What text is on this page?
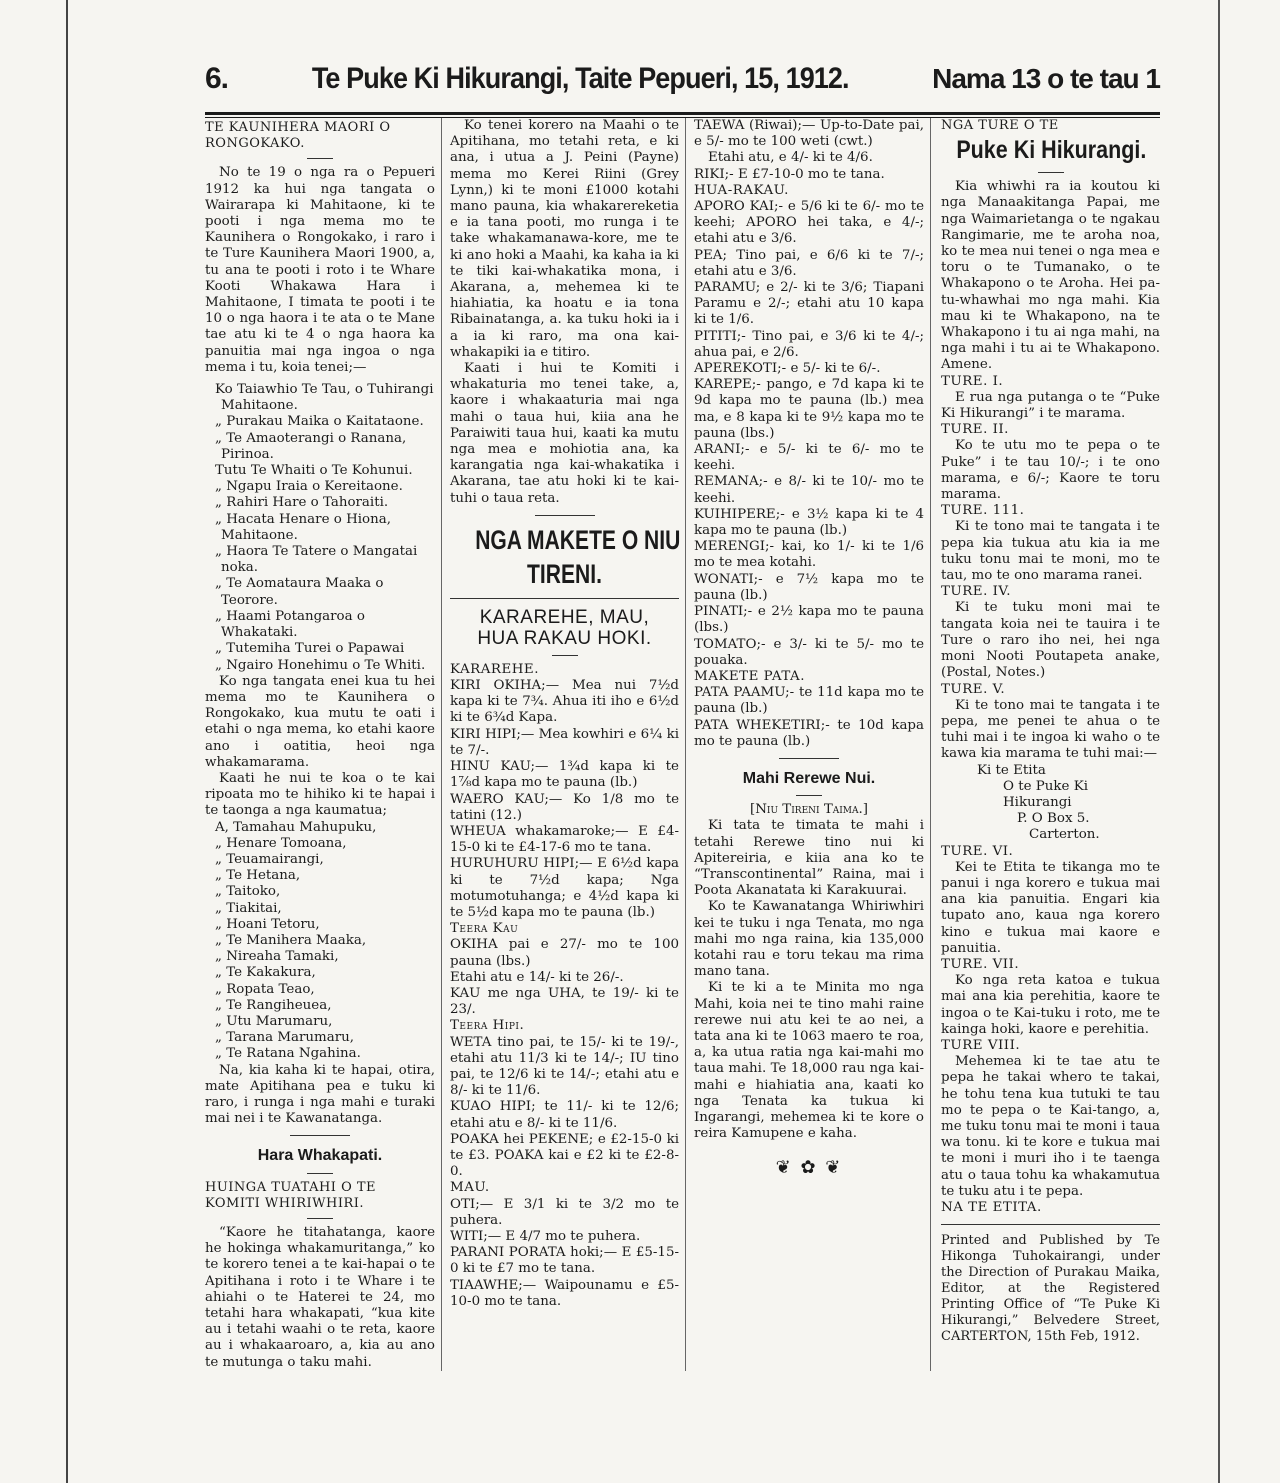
6.	Te Puke Ki Hikurangi, Taite Pepueri, 15, 1912.	Nama 13 o te tau 1

TE KAUNIHERA MAORI O

RONGOKAKO.

No te 19 o nga ra o Pepueri 1912 ka hui nga tangata o Wairarapa ki Mahitaone, ki te pooti i nga mema mo te Kaunihera o Rongokako, i raro i te Ture Kaunihera Maori 1900, a, tu ana te pooti i roto i te Whare Kooti Whakawa Hara i Mahitaone, I timata te pooti i te 10 o nga haora i te ata o te Mane tae atu ki te 4 o nga haora ka panuitia mai nga ingoa o nga mema i tu, koia tenei;—

Ko Taiawhio Te Tau, o Tuhirangi Mahitaone.
„ Purakau Maika o Kaitataone.
„ Te Amaoterangi o Ranana, Pirinoa.
Tutu Te Whaiti o Te Kohunui.
„ Ngapu Iraia o Kereitaone.
„ Rahiri Hare o Tahoraiti.
„ Hacata Henare o Hiona, Mahitaone.
„ Haora Te Tatere o Mangatai noka.
„ Te Aomataura Maaka o Teorore.
„ Haami Potangaroa o Whakataki.
„ Tutemiha Turei o Papawai
„ Ngairo Honehimu o Te Whiti.

Ko nga tangata enei kua tu hei mema mo te Kaunihera o Rongokako, kua mutu te oati i etahi o nga mema, ko etahi kaore ano i oatitia, heoi nga whakamarama.

Kaati he nui te koa o te kai ripoata mo te hihiko ki te hapai i te taonga a nga kaumatua;

A, Tamahau Mahupuku,
„ Henare Tomoana,
„ Teuamairangi,
„ Te Hetana,
„ Taitoko,
„ Tiakitai,
„ Hoani Tetoru,
„ Te Manihera Maaka,
„ Nireaha Tamaki,
„ Te Kakakura,
„ Ropata Teao,
„ Te Rangiheuea,
„ Utu Marumaru,
„ Tarana Marumaru,
„ Te Ratana Ngahina.

Na, kia kaha ki te hapai, otira, mate Apitihana pea e tuku ki raro, i runga i nga mahi e turaki mai nei i te Kawanatanga.

Hara Whakapati.

HUINGA TUATAHI O TE

KOMITI WHIRIWHIRI.

“Kaore he titahatanga, kaore he hokinga whakamuritanga,” ko te korero tenei a te kai-hapai o te Apitihana i roto i te Whare i te ahiahi o te Haterei te 24, mo tetahi hara whakapati, “kua kite au i tetahi waahi o te reta, kaore au i whakaaroaro, a, kia au ano te mutunga o taku mahi.

Ko tenei korero na Maahi o te Apitihana, mo tetahi reta, e ki ana, i utua a J. Peini (Payne) mema mo Kerei Riini (Grey Lynn,) ki te moni £1000 kotahi mano pauna, kia whakarereketia e ia tana pooti, mo runga i te take whakamanawa-kore, me te ki ano hoki a Maahi, ka kaha ia ki te tiki kai-whakatika mona, i Akarana, a, mehemea ki te hiahiatia, ka hoatu e ia tona Ribainatanga, a. ka tuku hoki ia i a ia ki raro, ma ona kai-whakapiki ia e titiro.

Kaati i hui te Komiti i whakaturia mo tenei take, a, kaore i whakaaturia mai nga mahi o taua hui, kiia ana he Paraiwiti taua hui, kaati ka mutu nga mea e mohiotia ana, ka karangatia nga kai-whakatika i Akarana, tae atu hoki ki te kai-tuhi o taua reta.

NGA MAKETE O NIU
TIRENI.
KARAREHE, MAU,
HUA RAKAU HOKI.

KARAREHE.

KIRI OKIHA;— Mea nui 7½d kapa ki te 7¾. Ahua iti iho e 6½d ki te 6¾d Kapa.

KIRI HIPI;— Mea kowhiri e 6¼ ki te 7/-.

HINU KAU;— 1¾d kapa ki te 1⅞d kapa mo te pauna (lb.)

WAERO KAU;— Ko 1/8 mo te tatini (12.)

WHEUA whakamaroke;— E £4-15-0 ki te £4-17-6 mo te tana.

HURUHURU HIPI;— E 6½d kapa ki te 7½d kapa; Nga motumotuhanga; e 4½d kapa ki te 5½d kapa mo te pauna (lb.)

Teera Kau

OKIHA pai e 27/- mo te 100 pauna (lbs.)

Etahi atu e 14/- ki te 26/-.

KAU me nga UHA, te 19/- ki te 23/.

Teera Hipi.

WETA tino pai, te 15/- ki te 19/-, etahi atu 11/3 ki te 14/-; IU tino pai, te 12/6 ki te 14/-; etahi atu e 8/- ki te 11/6.

KUAO HIPI; te 11/- ki te 12/6; etahi atu e 8/- ki te 11/6.

POAKA hei PEKENE; e £2-15-0 ki te £3. POAKA kai e £2 ki te £2-8-0.

MAU.

OTI;— E 3/1 ki te 3/2 mo te puhera.

WITI;— E 4/7 mo te puhera.

PARANI PORATA hoki;— E £5-15-0 ki te £7 mo te tana.

TIAAWHE;— Waipounamu e £5-10-0 mo te tana.

TAEWA (Riwai);— Up-to-Date pai, e 5/- mo te 100 weti (cwt.)

Etahi atu, e 4/- ki te 4/6.

RIKI;- E £7-10-0 mo te tana.

HUA-RAKAU.

APORO KAI;- e 5/6 ki te 6/- mo te keehi; APORO hei taka, e 4/-; etahi atu e 3/6.

PEA; Tino pai, e 6/6 ki te 7/-; etahi atu e 3/6.

PARAMU; e 2/- ki te 3/6; Tiapani Paramu e 2/-; etahi atu 10 kapa ki te 1/6.

PITITI;- Tino pai, e 3/6 ki te 4/-; ahua pai, e 2/6.

APEREKOTI;- e 5/- ki te 6/-.

KAREPE;- pango, e 7d kapa ki te 9d kapa mo te pauna (lb.) mea ma, e 8 kapa ki te 9½ kapa mo te pauna (lbs.)

ARANI;- e 5/- ki te 6/- mo te keehi.

REMANA;- e 8/- ki te 10/- mo te keehi.

KUIHIPERE;- e 3½ kapa ki te 4 kapa mo te pauna (lb.)

MERENGI;- kai, ko 1/- ki te 1/6 mo te mea kotahi.

WONATI;- e 7½ kapa mo te pauna (lb.)

PINATI;- e 2½ kapa mo te pauna (lbs.)

TOMATO;- e 3/- ki te 5/- mo te pouaka.

MAKETE PATA.

PATA PAAMU;- te 11d kapa mo te pauna (lb.)

PATA WHEKETIRI;- te 10d kapa mo te pauna (lb.)

Mahi Rerewe Nui.

[Niu Tireni Taima.]

Ki tata te timata te mahi i tetahi Rerewe tino nui ki Apitereiria, e kiia ana ko te “Transcontinental” Raina, mai i Poota Akanatata ki Karakuurai.

Ko te Kawanatanga Whiriwhiri kei te tuku i nga Tenata, mo nga mahi mo nga raina, kia 135,000 kotahi rau e toru tekau ma rima mano tana.

Ki te ki a te Minita mo nga Mahi, koia nei te tino mahi raine rerewe nui atu kei te ao nei, a tata ana ki te 1063 maero te roa, a, ka utua ratia nga kai-mahi mo taua mahi. Te 18,000 rau nga kai-mahi e hiahiatia ana, kaati ko nga Tenata ka tukua ki Ingarangi, mehemea ki te kore o reira Kamupene e kaha.

❦ ✿ ❦

NGA TURE O TE

Puke Ki Hikurangi.

Kia whiwhi ra ia koutou ki nga Manaakitanga Papai, me nga Waimarietanga o te ngakau Rangimarie, me te aroha noa, ko te mea nui tenei o nga mea e toru o te Tumanako, o te Whakapono o te Aroha. Hei pa-tu-whawhai mo nga mahi. Kia mau ki te Whakapono, na te Whakapono i tu ai nga mahi, na nga mahi i tu ai te Whakapono. Amene.

TURE. I.

E rua nga putanga o te “Puke Ki Hikurangi” i te marama.

TURE. II.

Ko te utu mo te pepa o te Puke” i te tau 10/-; i te ono marama, e 6/-; Kaore te toru marama.

TURE. 111.

Ki te tono mai te tangata i te pepa kia tukua atu kia ia me tuku tonu mai te moni, mo te tau, mo te ono marama ranei.

TURE. IV.

Ki te tuku moni mai te tangata koia nei te tauira i te Ture o raro iho nei, hei nga moni Nooti Poutapeta anake, (Postal, Notes.)

TURE. V.

Ki te tono mai te tangata i te pepa, me penei te ahua o te tuhi mai i te ingoa ki waho o te kawa kia marama te tuhi mai:—

Ki te Etita

O te Puke Ki Hikurangi

P. O Box 5.

Carterton.

TURE. VI.

Kei te Etita te tikanga mo te panui i nga korero e tukua mai ana kia panuitia. Engari kia tupato ano, kaua nga korero kino e tukua mai kaore e panuitia.

TURE. VII.

Ko nga reta katoa e tukua mai ana kia perehitia, kaore te ingoa o te Kai-tuku i roto, me te kainga hoki, kaore e perehitia.

TURE VIII.

Mehemea ki te tae atu te pepa he takai whero te takai, he tohu tena kua tutuki te tau mo te pepa o te Kai-tango, a, me tuku tonu mai te moni i taua wa tonu. ki te kore e tukua mai te moni i muri iho i te taenga atu o taua tohu ka whakamutua te tuku atu i te pepa.

NA TE ETITA.

Printed and Published by Te Hikonga Tuhokairangi, under the Direction of Purakau Maika, Editor, at the Registered Printing Office of “Te Puke Ki Hikurangi,” Belvedere Street, CARTERTON, 15th Feb, 1912.
